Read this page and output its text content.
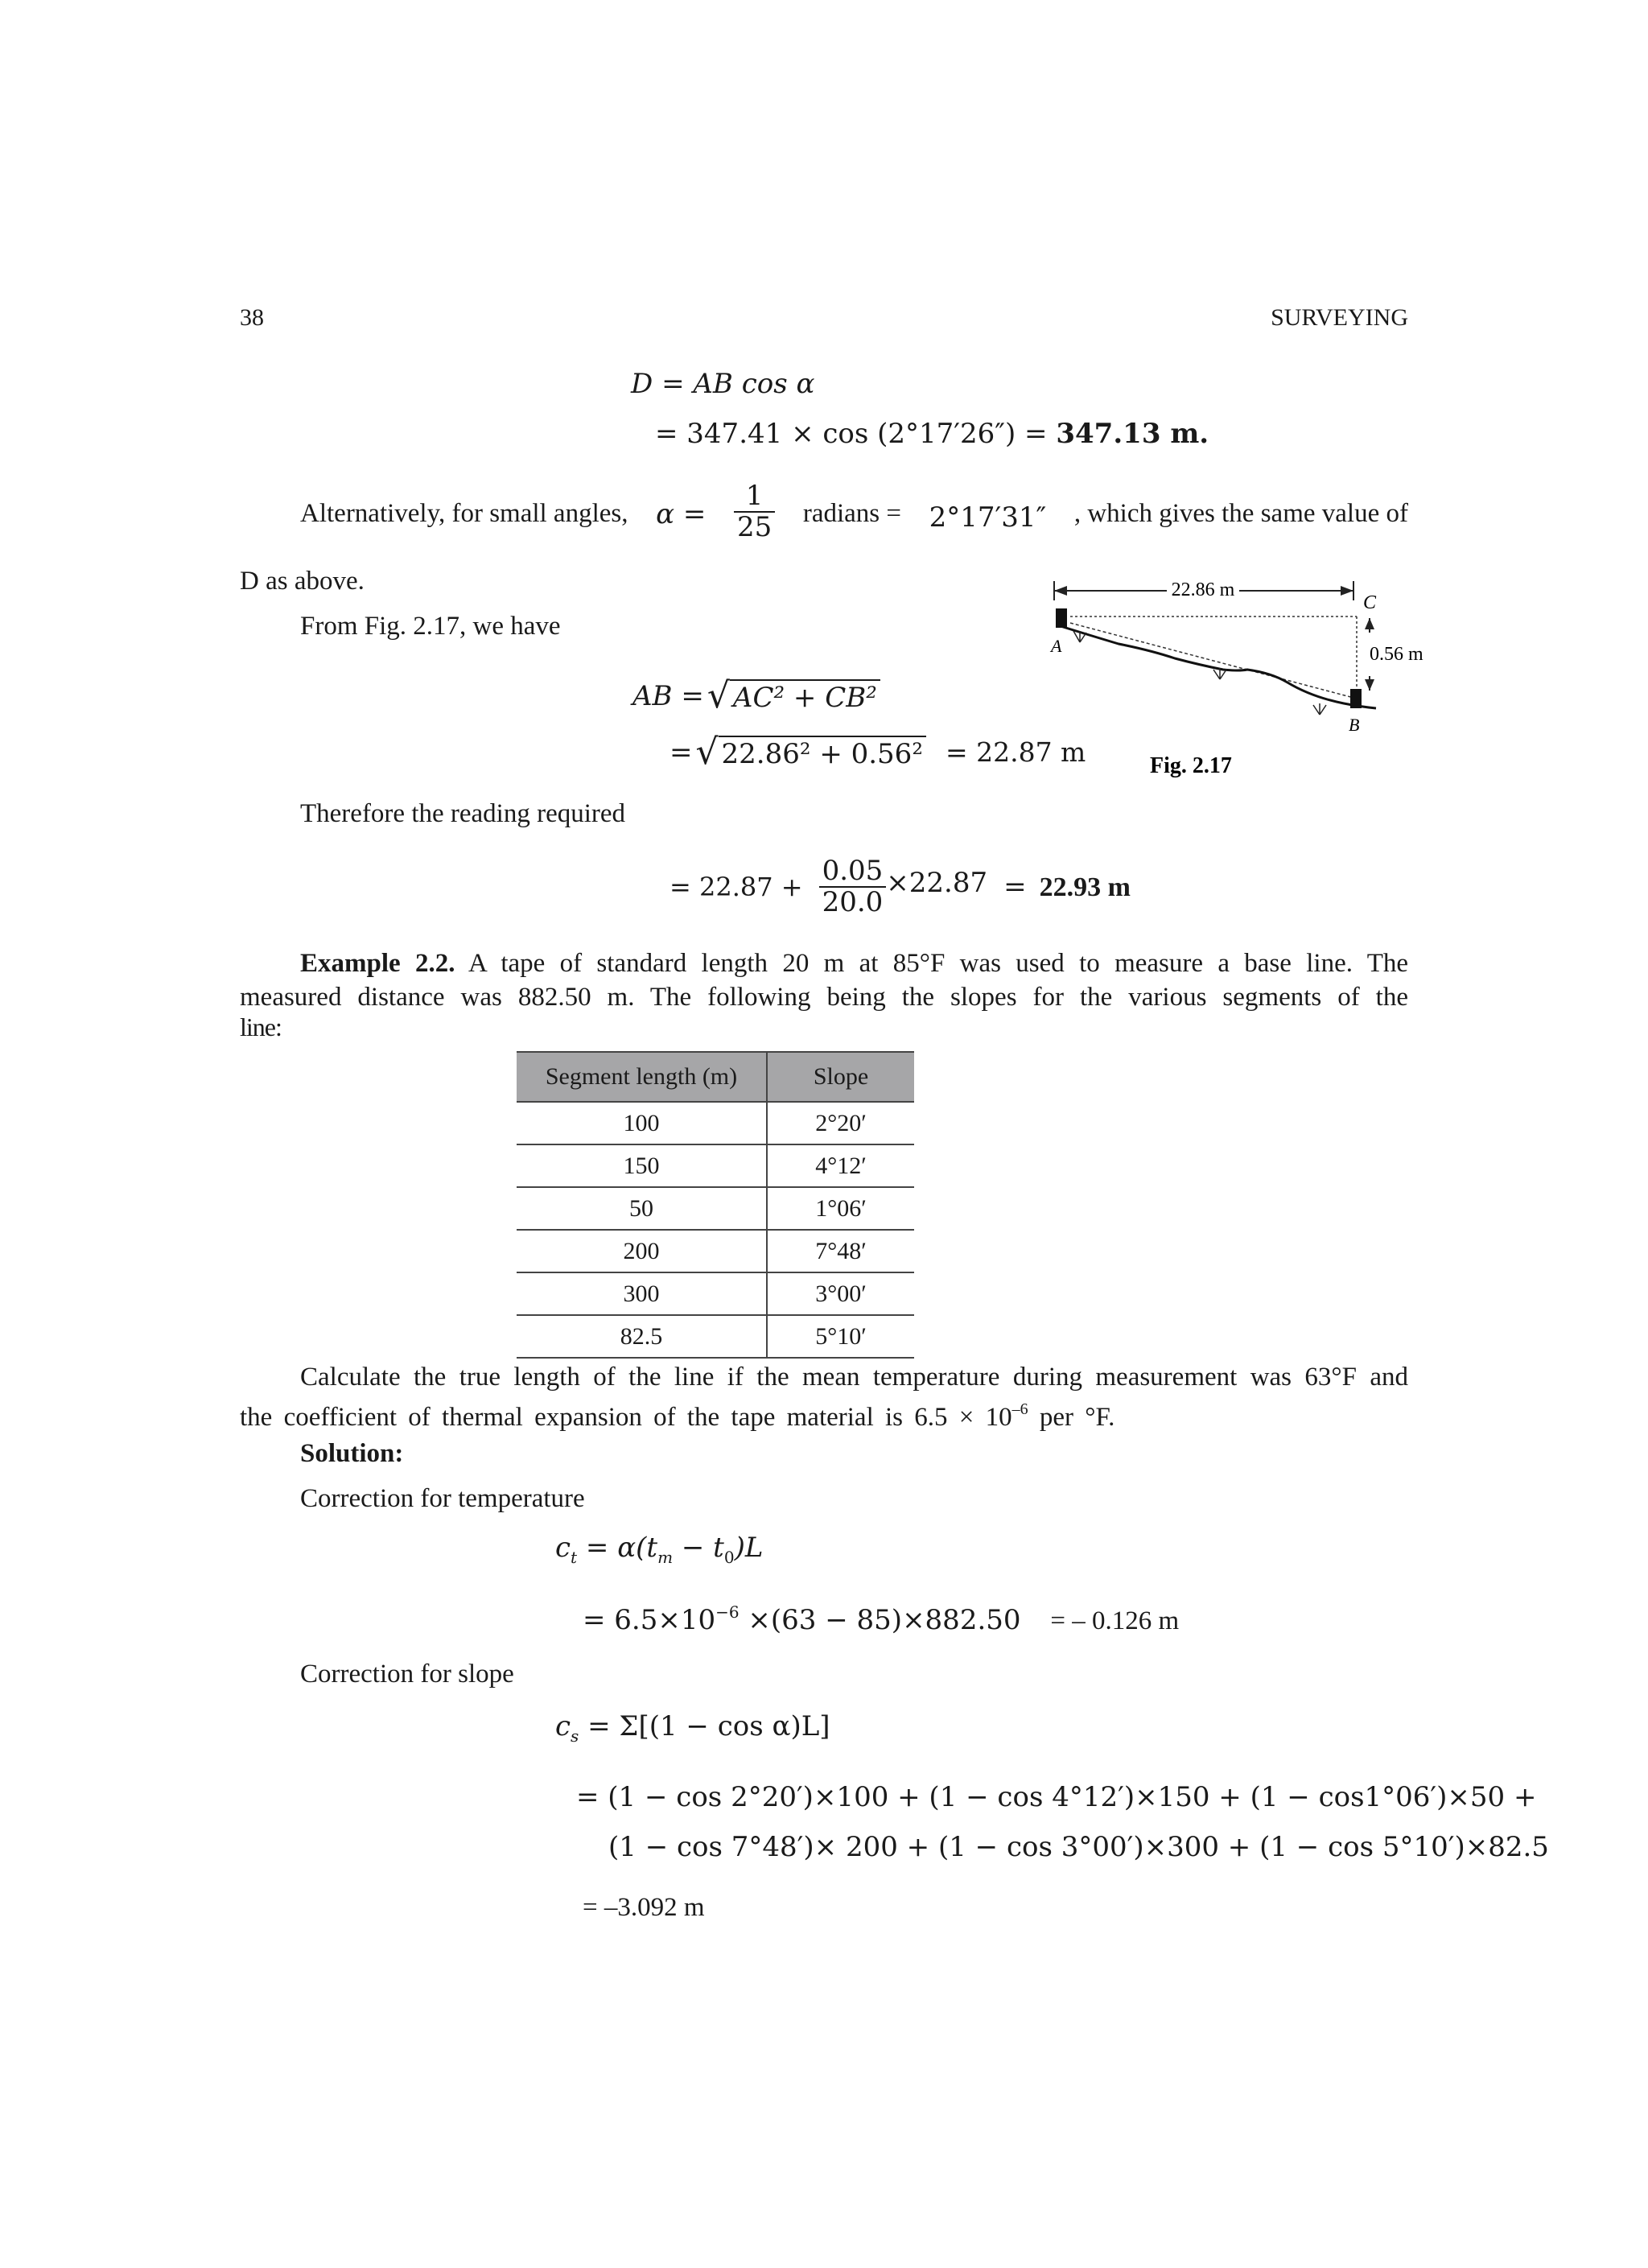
38	SURVEYING
D = AB cos α
= 347.41 × cos (2°17′26″) = 347.13 m.
Alternatively, for small angles, $\alpha = \frac{1}{25}$ radians = 2°17′31″ , which gives the same value of
D as above.
From Fig. 2.17, we have
AB = √ AC² + CB²
= √ 22.86² + 0.56² = 22.87 m
22.86 m
0.56 m
A
B
C
Fig. 2.17
Therefore the reading required
= $22.87 + \frac{0.05}{20.0} \times 22.87 = 22.93$ m
Example 2.2. A tape of standard length 20 m at 85°F was used to measure a base line. The
measured distance was 882.50 m. The following being the slopes for the various segments of the
line:
Segment length (m)	Slope
100	2°20′
150	4°12′
50	1°06′
200	7°48′
300	3°00′
82.5	5°10′
Calculate the true length of the line if the mean temperature during measurement was 63°F and
the coefficient of thermal expansion of the tape material is $6.5 \times 10^{-6}$ per °F.
Solution:
Correction for temperature
$c_t = \alpha(t_m - t_0)L$
= $6.5\times 10^{-6} \times(63 - 85)\times 882.50$ = – 0.126 m
Correction for slope
$c_s = \Sigma[(1 - \cos \alpha)L]$
= (1 − cos 2°20′)×100 + (1 − cos 4°12′)×150 + (1 − cos1°06′)×50 +
(1 − cos 7°48′)× 200 + (1 − cos 3°00′)×300 + (1 − cos 5°10′)×82.5
= –3.092 m
